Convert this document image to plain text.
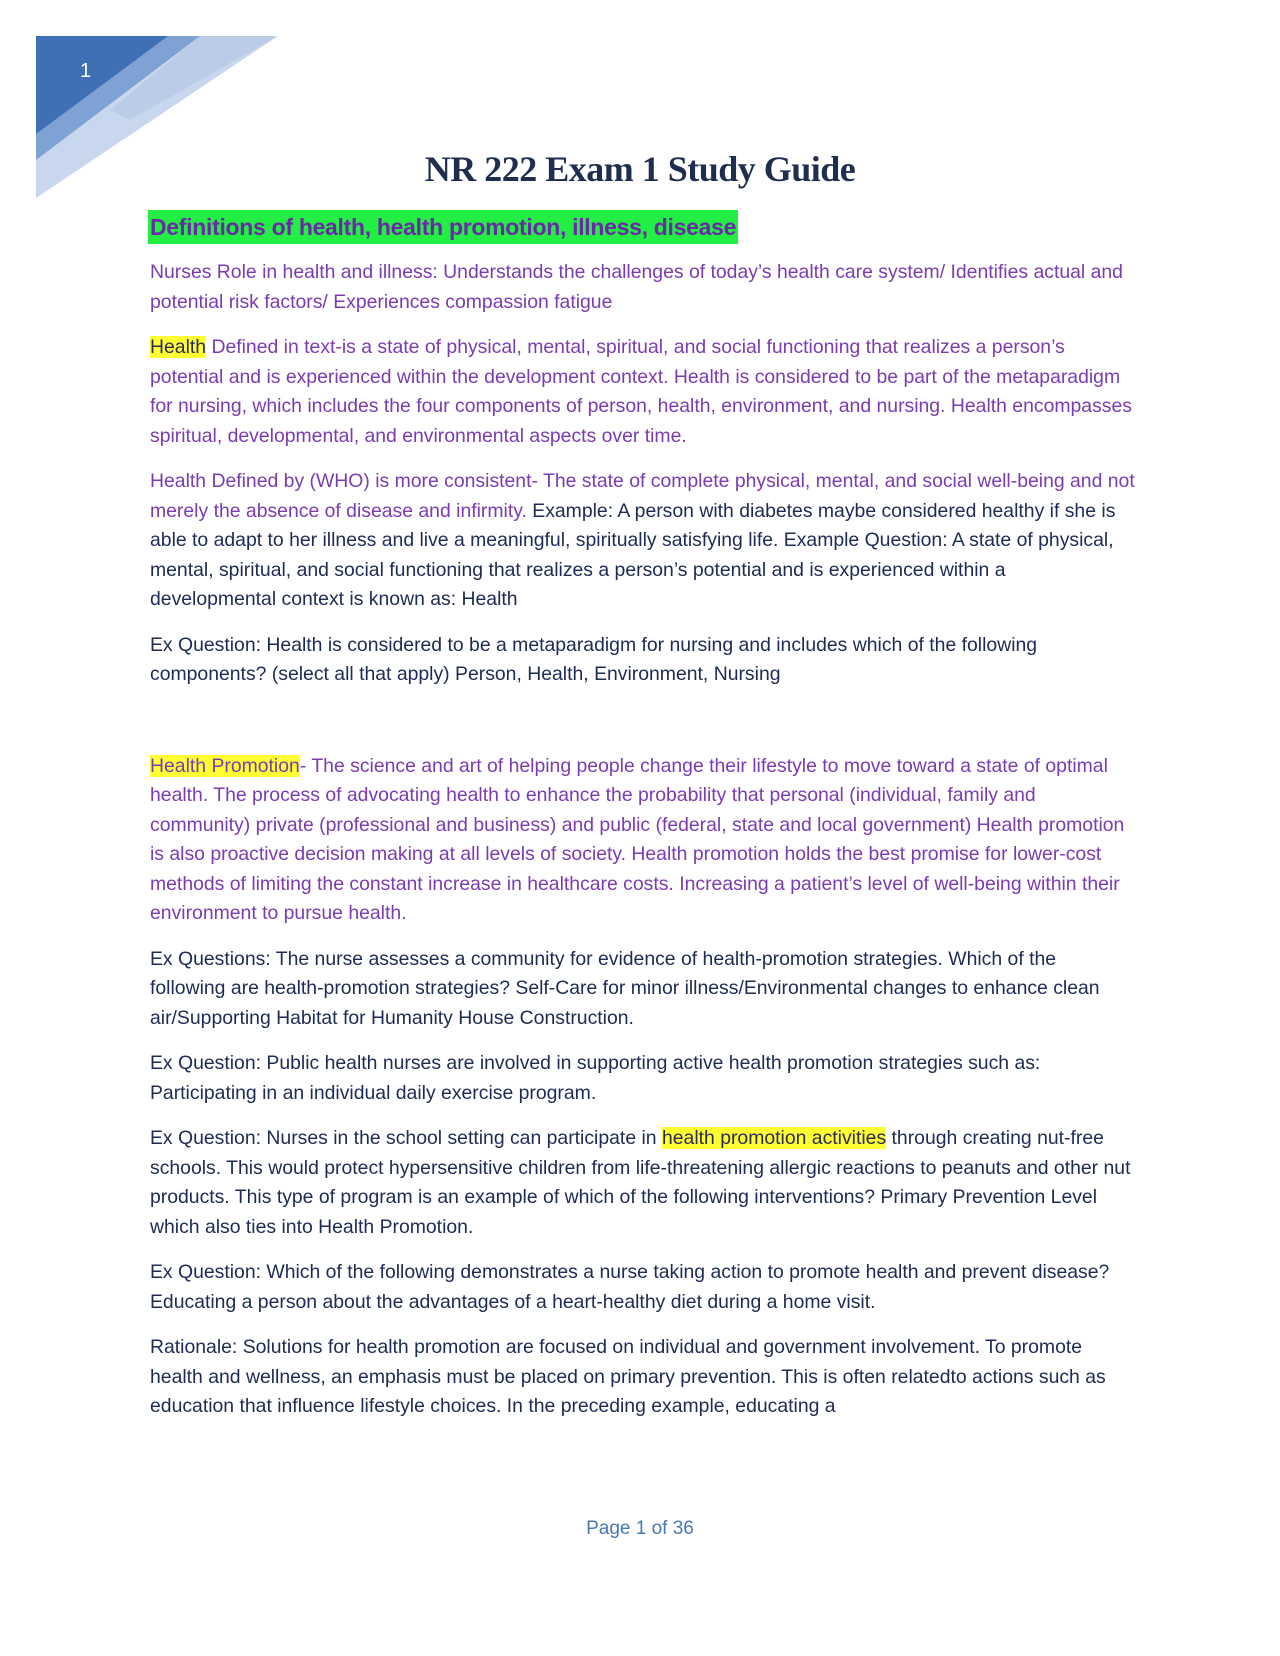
1
NR 222 Exam 1 Study Guide
Definitions of health, health promotion, illness, disease

Nurses Role in health and illness: Understands the challenges of today’s health care system/ Identifies actual and potential risk factors/ Experiences compassion fatigue

Health Defined in text-is a state of physical, mental, spiritual, and social functioning that realizes a person’s potential and is experienced within the development context. Health is considered to be part of the metaparadigm for nursing, which includes the four components of person, health, environment, and nursing. Health encompasses spiritual, developmental, and environmental aspects over time.

Health Defined by (WHO) is more consistent- The state of complete physical, mental, and social well-being and not merely the absence of disease and infirmity. Example: A person with diabetes maybe considered healthy if she is able to adapt to her illness and live a meaningful, spiritually satisfying life. Example Question: A state of physical, mental, spiritual, and social functioning that realizes a person’s potential and is experienced within a developmental context is known as: Health

Ex Question: Health is considered to be a metaparadigm for nursing and includes which of the following components? (select all that apply) Person, Health, Environment, Nursing

Health Promotion- The science and art of helping people change their lifestyle to move toward a state of optimal health. The process of advocating health to enhance the probability that personal (individual, family and community) private (professional and business) and public (federal, state and local government) Health promotion is also proactive decision making at all levels of society. Health promotion holds the best promise for lower-cost methods of limiting the constant increase in healthcare costs. Increasing a patient’s level of well-being within their environment to pursue health.

Ex Questions: The nurse assesses a community for evidence of health-promotion strategies. Which of the following are health-promotion strategies? Self-Care for minor illness/Environmental changes to enhance clean air/Supporting Habitat for Humanity House Construction.

Ex Question: Public health nurses are involved in supporting active health promotion strategies such as: Participating in an individual daily exercise program.

Ex Question: Nurses in the school setting can participate in health promotion activities through creating nut-free schools. This would protect hypersensitive children from life-threatening allergic reactions to peanuts and other nut products. This type of program is an example of which of the following interventions? Primary Prevention Level which also ties into Health Promotion.

Ex Question: Which of the following demonstrates a nurse taking action to promote health and prevent disease? Educating a person about the advantages of a heart-healthy diet during a home visit.

Rationale: Solutions for health promotion are focused on individual and government involvement. To promote health and wellness, an emphasis must be placed on primary prevention. This is often relatedto actions such as education that influence lifestyle choices. In the preceding example, educating a

Page 1 of 36
